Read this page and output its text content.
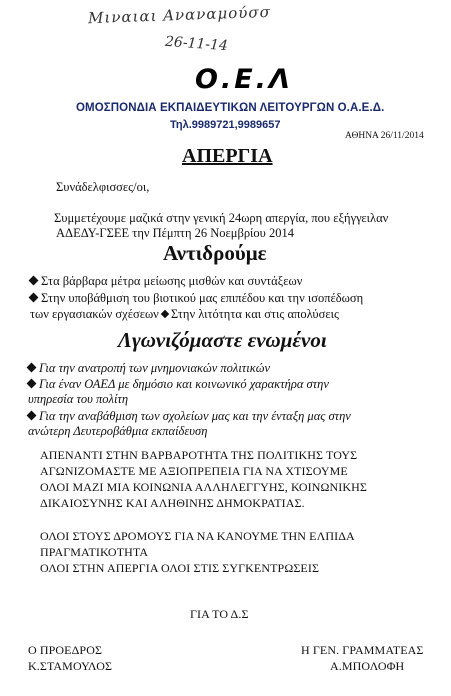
Μιναιαι Αναναμούσσ
26-11-14
Ο.Ε.Λ
ΟΜΟΣΠΟΝΔΙΑ ΕΚΠΑΙΔΕΥΤΙΚΩΝ ΛΕΙΤΟΥΡΓΩΝ Ο.Α.Ε.Δ.
Τηλ.9989721,9989657
ΑΘΗΝΑ 26/11/2014
ΑΠΕΡΓΙΑ
Συνάδελφισσες/οι,
Συμμετέχουμε μαζικά στην γενική 24ωρη απεργία, που εξήγγειλαν
ΑΔΕΔΥ-ΓΣΕΕ την Πέμπτη 26 Νοεμβρίου 2014
Αντιδρούμε
Στα βάρβαρα μέτρα μείωσης μισθών και συντάξεων
Στην υποβάθμιση του βιοτικού μας επιπέδου και την ισοπέδωση
των εργασιακών σχέσεων Στην λιτότητα και στις απολύσεις
Λγωνιζόμαστε ενωμένοι
Για την ανατροπή των μνημονιακών πολιτικών
Για έναν ΟΑΕΔ με δημόσιο και κοινωνικό χαρακτήρα στην
υπηρεσία του πολίτη
Για την αναβάθμιση των σχολείων μας και την ένταξη μας στην
ανώτερη Δευτεροβάθμια εκπαίδευση
ΑΠΕΝΑΝΤΙ ΣΤΗΝ ΒΑΡΒΑΡΟΤΗΤΑ ΤΗΣ ΠΟΛΙΤΙΚΗΣ ΤΟΥΣ
ΑΓΩΝΙΖΟΜΑΣΤΕ ΜΕ ΑΞΙΟΠΡΕΠΕΙΑ ΓΙΑ ΝΑ ΧΤΙΣΟΥΜΕ
ΟΛΟΙ ΜΑΖΙ ΜΙΑ ΚΟΙΝΩΝΙΑ ΑΛΛΗΛΕΓΓΥΗΣ, ΚΟΙΝΩΝΙΚΗΣ
ΔΙΚΑΙΟΣΥΝΗΣ ΚΑΙ ΑΛΗΘΙΝΗΣ ΔΗΜΟΚΡΑΤΙΑΣ.
ΟΛΟΙ ΣΤΟΥΣ ΔΡΟΜΟΥΣ ΓΙΑ ΝΑ ΚΑΝΟΥΜΕ ΤΗΝ ΕΛΠΙΔΑ
ΠΡΑΓΜΑΤΙΚΟΤΗΤΑ
ΟΛΟΙ ΣΤΗΝ ΑΠΕΡΓΙΑ ΟΛΟΙ ΣΤΙΣ ΣΥΓΚΕΝΤΡΩΣΕΙΣ
ΓΙΑ ΤΟ Δ.Σ
Ο ΠΡΟΕΔΡΟΣ
Κ.ΣΤΑΜΟΥΛΟΣ
Η ΓΕΝ. ΓΡΑΜΜΑΤΕΑΣ
Α.ΜΠΟΛΟΦΗ
